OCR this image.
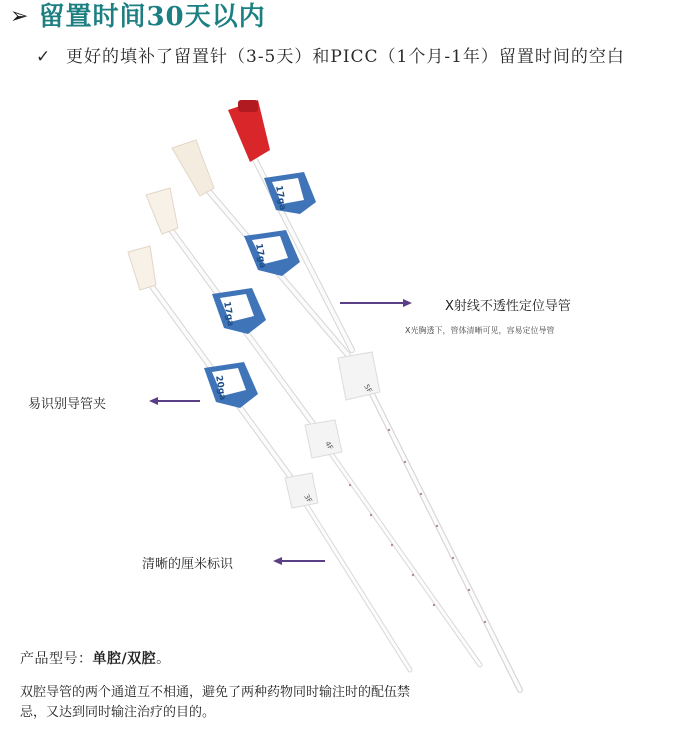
➢ 留置时间30天以内
✓ 更好的填补了留置针（3-5天）和PICC（1个月-1年）留置时间的空白
5F
4F
3F
17ga
17ga
17ga
20ga
X射线不透性定位导管
X光胸透下，管体清晰可见，容易定位导管
易识别导管夹
清晰的厘米标识
产品型号：单腔/双腔。
双腔导管的两个通道互不相通，避免了两种药物同时输注时的配伍禁忌，又达到同时输注治疗的目的。
